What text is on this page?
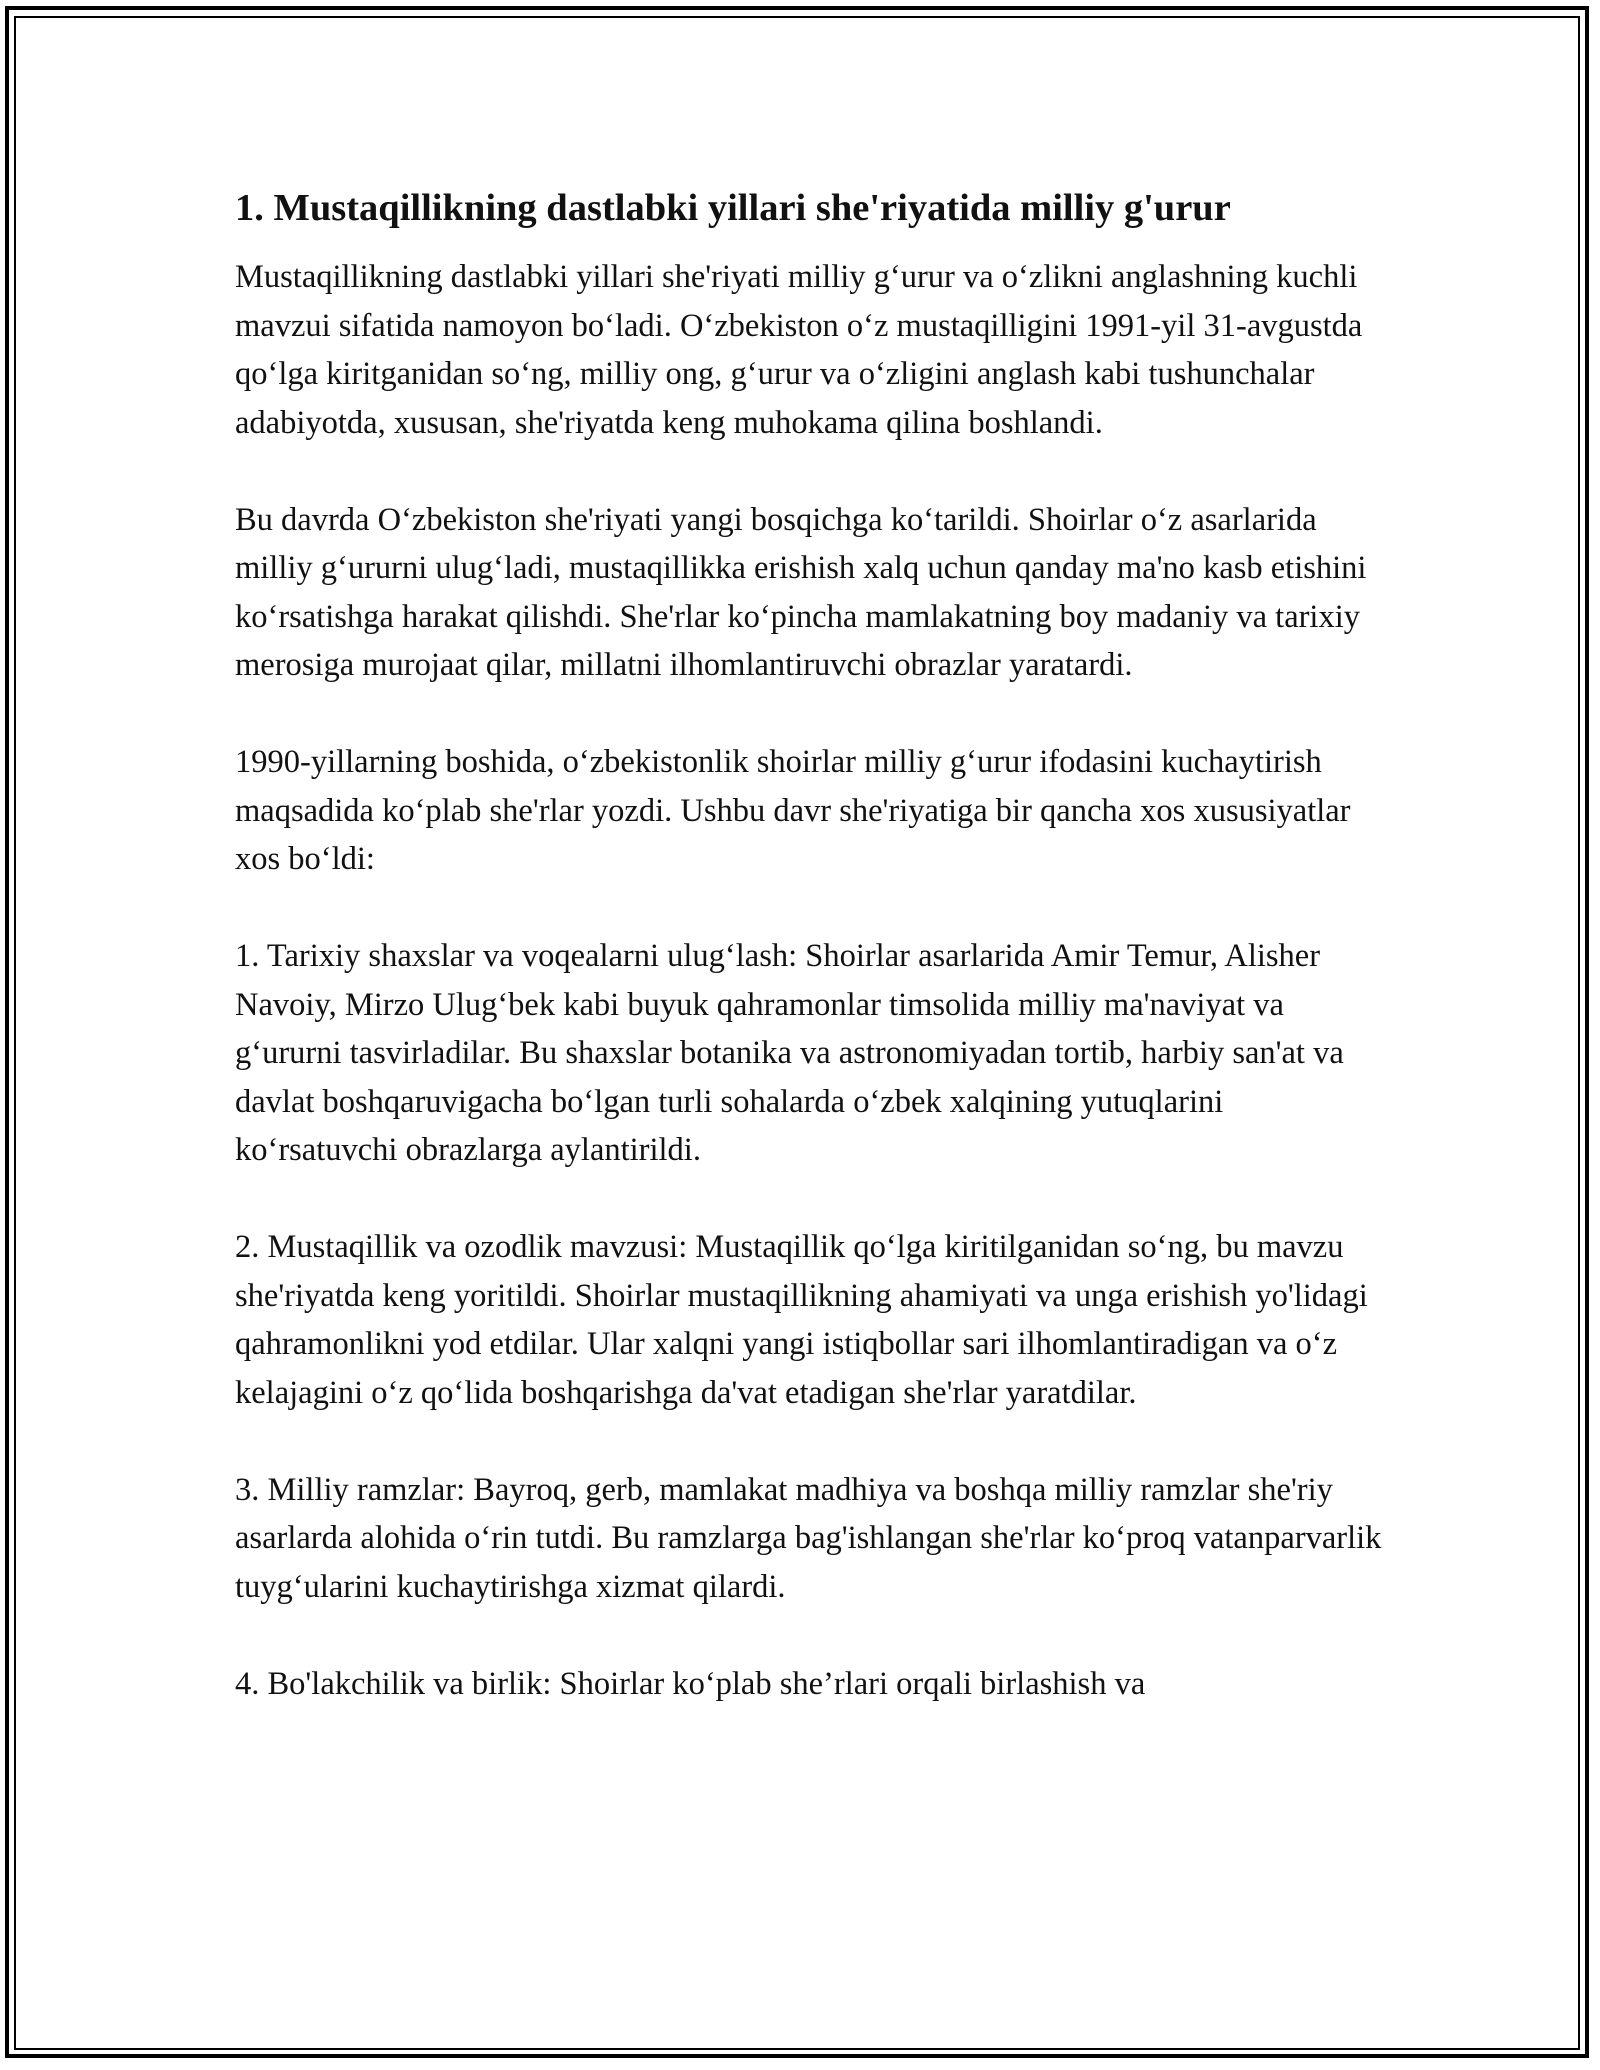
1. Mustaqillikning dastlabki yillari she'riyatida milliy g'urur

Mustaqillikning dastlabki yillari she'riyati milliy g‘urur va o‘zlikni anglashning kuchli mavzui sifatida namoyon bo‘ladi. O‘zbekiston o‘z mustaqilligini 1991-yil 31-avgustda qo‘lga kiritganidan so‘ng, milliy ong, g‘urur va o‘zligini anglash kabi tushunchalar adabiyotda, xususan, she'riyatda keng muhokama qilina boshlandi.

Bu davrda O‘zbekiston she'riyati yangi bosqichga ko‘tarildi. Shoirlar o‘z asarlarida milliy g‘ururni ulug‘ladi, mustaqillikka erishish xalq uchun qanday ma'no kasb etishini ko‘rsatishga harakat qilishdi. She'rlar ko‘pincha mamlakatning boy madaniy va tarixiy merosiga murojaat qilar, millatni ilhomlantiruvchi obrazlar yaratardi.

1990-yillarning boshida, o‘zbekistonlik shoirlar milliy g‘urur ifodasini kuchaytirish maqsadida ko‘plab she'rlar yozdi. Ushbu davr she'riyatiga bir qancha xos xususiyatlar xos bo‘ldi:

1. Tarixiy shaxslar va voqealarni ulug‘lash: Shoirlar asarlarida Amir Temur, Alisher Navoiy, Mirzo Ulug‘bek kabi buyuk qahramonlar timsolida milliy ma'naviyat va g‘ururni tasvirladilar. Bu shaxslar botanika va astronomiyadan tortib, harbiy san'at va davlat boshqaruvigacha bo‘lgan turli sohalarda o‘zbek xalqining yutuqlarini ko‘rsatuvchi obrazlarga aylantirildi.

2. Mustaqillik va ozodlik mavzusi: Mustaqillik qo‘lga kiritilganidan so‘ng, bu mavzu she'riyatda keng yoritildi. Shoirlar mustaqillikning ahamiyati va unga erishish yo'lidagi qahramonlikni yod etdilar. Ular xalqni yangi istiqbollar sari ilhomlantiradigan va o‘z kelajagini o‘z qo‘lida boshqarishga da'vat etadigan she'rlar yaratdilar.

3. Milliy ramzlar: Bayroq, gerb, mamlakat madhiya va boshqa milliy ramzlar she'riy asarlarda alohida o‘rin tutdi. Bu ramzlarga bag'ishlangan she'rlar ko‘proq vatanparvarlik tuyg‘ularini kuchaytirishga xizmat qilardi.

4. Bo'lakchilik va birlik: Shoirlar ko‘plab she’rlari orqali birlashish va
